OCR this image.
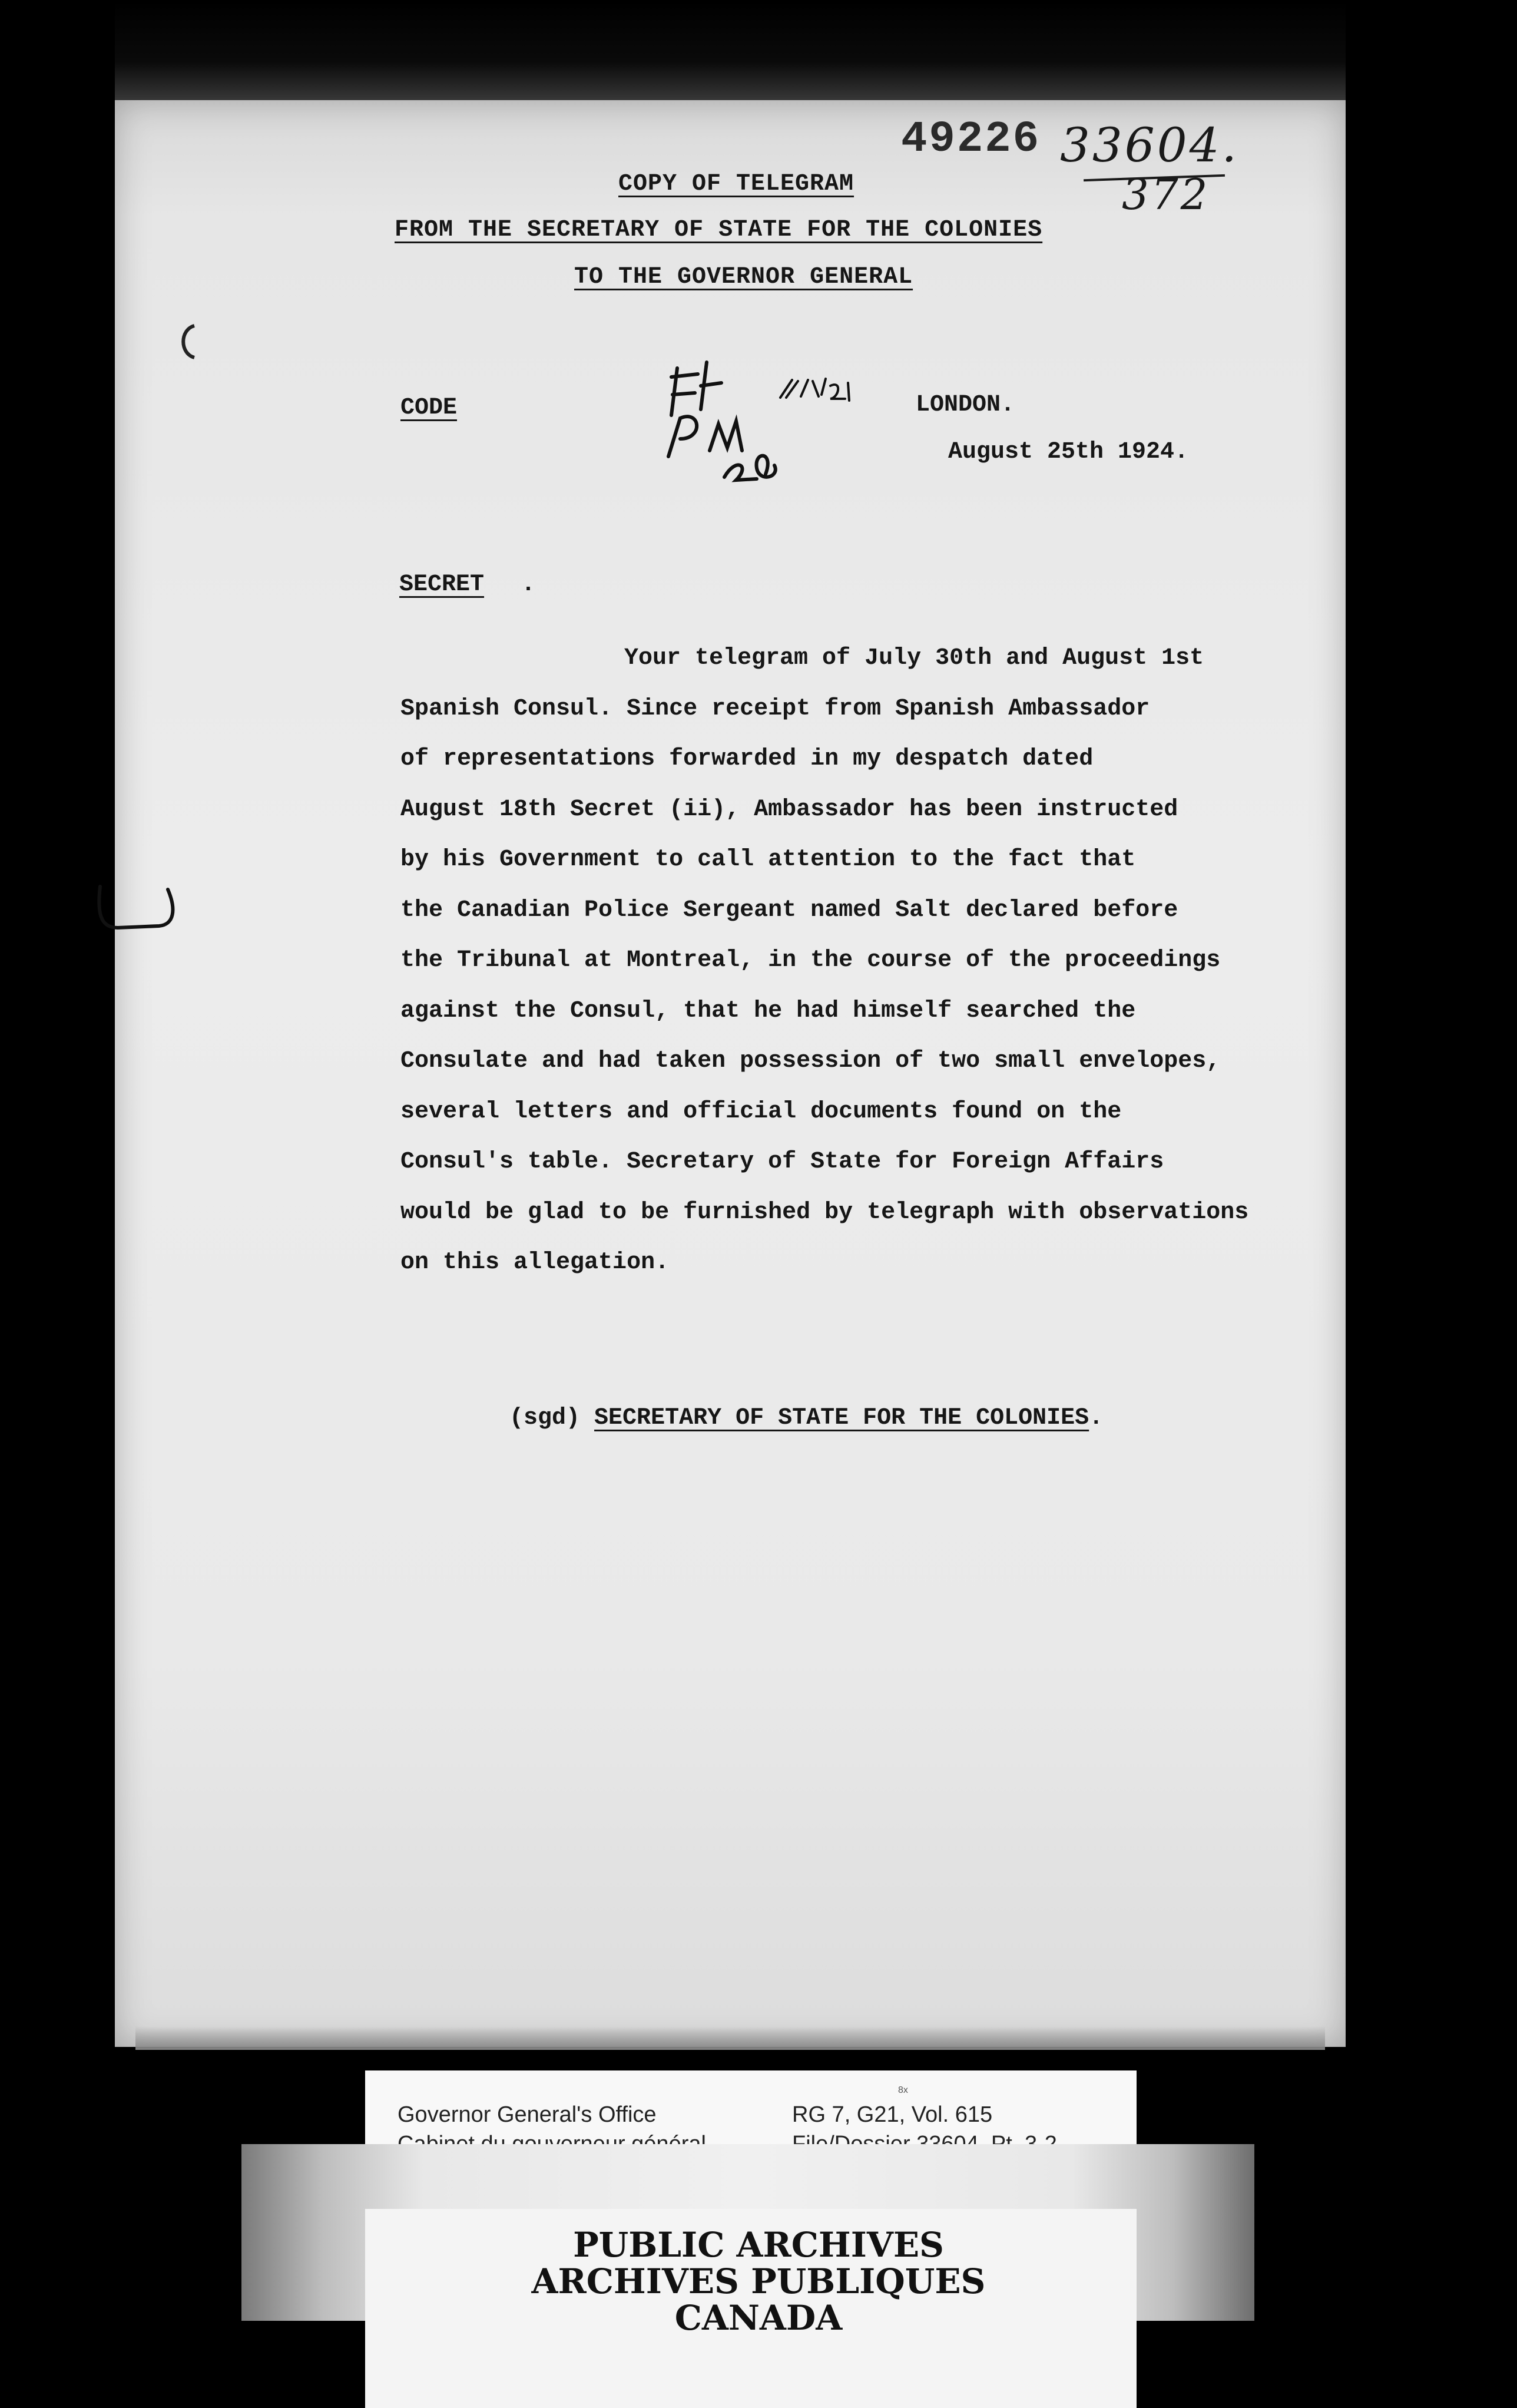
49226 33604.
372
COPY OF TELEGRAM
FROM THE SECRETARY OF STATE FOR THE COLONIES
TO THE GOVERNOR GENERAL
CODE	LONDON.
August 25th 1924.
SECRET .
Your telegram of July 30th and August 1st
Spanish Consul. Since receipt from Spanish Ambassador
of representations forwarded in my despatch dated
August 18th Secret (ii), Ambassador has been instructed
by his Government to call attention to the fact that
the Canadian Police Sergeant named Salt declared before
the Tribunal at Montreal, in the course of the proceedings
against the Consul, that he had himself searched the
Consulate and had taken possession of two small envelopes,
several letters and official documents found on the
Consul's table. Secretary of State for Foreign Affairs
would be glad to be furnished by telegraph with observations
on this allegation.
(sgd) SECRETARY OF STATE FOR THE COLONIES.
8x
Governor General's Office	RG 7, G21, Vol. 615
PUBLIC ARCHIVES
ARCHIVES PUBLIQUES
CANADA
